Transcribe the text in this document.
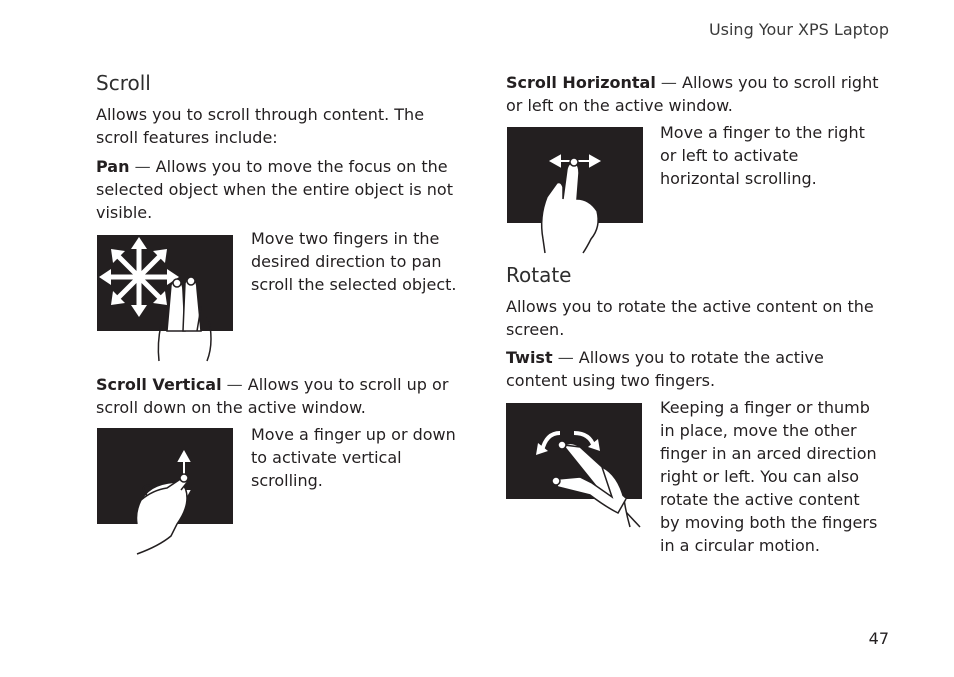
Using Your XPS Laptop
Scroll

Allows you to scroll through content. The scroll features include:

Pan — Allows you to move the focus on the selected object when the entire object is not visible.

Move two fingers in the desired direction to pan scroll the selected object.

Scroll Vertical — Allows you to scroll up or scroll down on the active window.

Move a finger up or down to activate vertical scrolling.

Scroll Horizontal — Allows you to scroll right or left on the active window.

Move a finger to the right or left to activate horizontal scrolling.

Rotate

Allows you to rotate the active content on the screen.

Twist — Allows you to rotate the active content using two fingers.

Keeping a finger or thumb in place, move the other finger in an arced direction right or left. You can also rotate the active content by moving both the fingers in a circular motion.

47
